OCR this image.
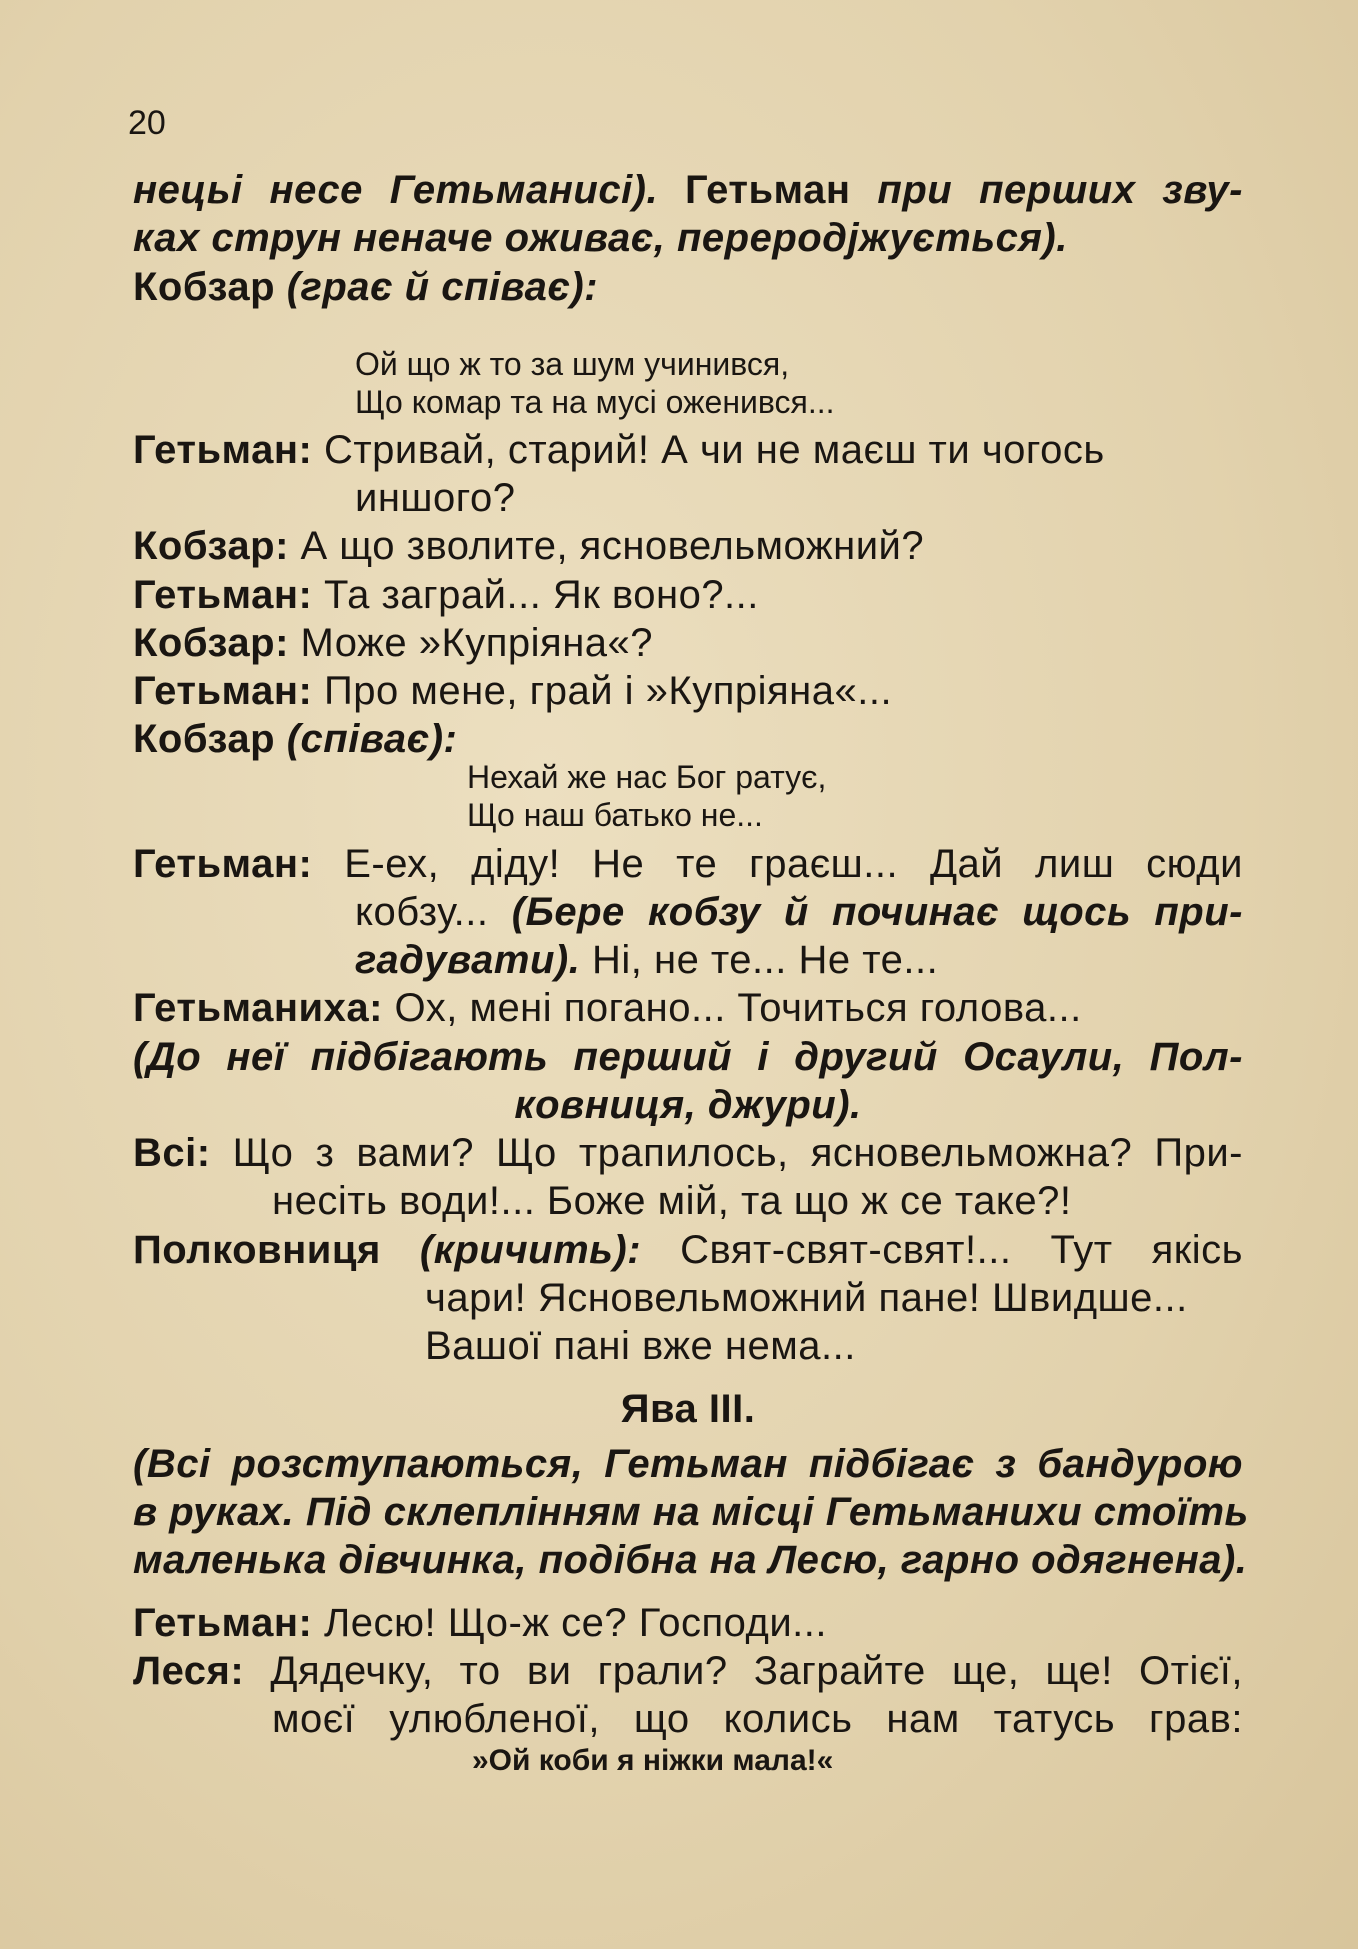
20
нецьі несе Гетьманисі). Гетьман при перших зву-
ках струн неначе оживає, переродjжується).
Кобзар (грає й співає):
Ой що ж то за шум учинився,
Що комар та на мусі оженився...
Гетьман: Стривай, старий! А чи не маєш ти чогось
иншого?
Кобзар: А що зволите, ясновельможний?
Гетьман: Та заграй... Як воно?...
Кобзар: Може »Купріяна«?
Гетьман: Про мене, грай і »Купріяна«...
Кобзар (співає):
Нехай же нас Бог ратує,
Що наш батько не...
Гетьман: Е-ех, діду! Не те граєш... Дай лиш сюди
кобзу... (Бере кобзу й починає щось при-
гадувати). Ні, не те... Не те...
Гетьманиха: Ох, мені погано... Точиться голова...
(До неї підбігають перший і другий Осаули, Пол-
ковниця, джури).
Всі: Що з вами? Що трапилось, ясновельможна? При-
несіть води!... Боже мій, та що ж се таке?!
Полковниця (кричить): Свят-свят-свят!... Тут якісь
чари! Ясновельможний пане! Швидше...
Вашої пані вже нема...
Ява III.
(Всі розступаються, Гетьман підбігає з бандурою
в руках. Під склеплінням на місці Гетьманихи стоїть
маленька дівчинка, подібна на Лесю, гарно одягнена).
Гетьман: Лесю! Що-ж се? Господи...
Леся: Дядечку, то ви грали? Заграйте ще, ще! Отієї,
моєї улюбленої, що колись нам татусь грав:
»Ой коби я ніжки мала!«
